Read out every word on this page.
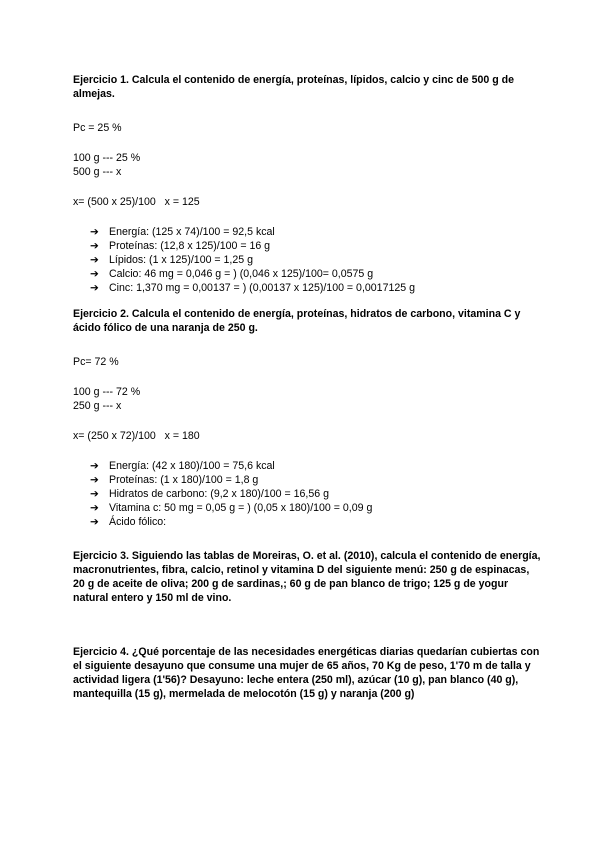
Ejercicio 1. Calcula el contenido de energía, proteínas, lípidos, calcio y cinc de 500 g de almejas.

Pc = 25 %

100 g --- 25 %

500 g --- x

x= (500 x 25)/100   x = 125

➔ Energía: (125 x 74)/100 = 92,5 kcal
➔ Proteínas: (12,8 x 125)/100 = 16 g
➔ Lípidos: (1 x 125)/100 = 1,25 g
➔ Calcio: 46 mg = 0,046 g = ) (0,046 x 125)/100= 0,0575 g
➔ Cinc: 1,370 mg = 0,00137 = ) (0,00137 x 125)/100 = 0,0017125 g

Ejercicio 2. Calcula el contenido de energía, proteínas, hidratos de carbono, vitamina C y ácido fólico de una naranja de 250 g.

Pc= 72 %

100 g --- 72 %

250 g --- x

x= (250 x 72)/100   x = 180

➔ Energía: (42 x 180)/100 = 75,6 kcal
➔ Proteínas: (1 x 180)/100 = 1,8 g
➔ Hidratos de carbono: (9,2 x 180)/100 = 16,56 g
➔ Vitamina c: 50 mg = 0,05 g = ) (0,05 x 180)/100 = 0,09 g
➔ Ácido fólico:

Ejercicio 3. Siguiendo las tablas de Moreiras, O. et al. (2010), calcula el contenido de energía, macronutrientes, fibra, calcio, retinol y vitamina D del siguiente menú: 250 g de espinacas, 20 g de aceite de oliva; 200 g de sardinas,; 60 g de pan blanco de trigo; 125 g de yogur natural entero y 150 ml de vino.

Ejercicio 4. ¿Qué porcentaje de las necesidades energéticas diarias quedarían cubiertas con el siguiente desayuno que consume una mujer de 65 años, 70 Kg de peso, 1'70 m de talla y actividad ligera (1'56)? Desayuno: leche entera (250 ml), azúcar (10 g), pan blanco (40 g), mantequilla (15 g), mermelada de melocotón (15 g) y naranja (200 g)
